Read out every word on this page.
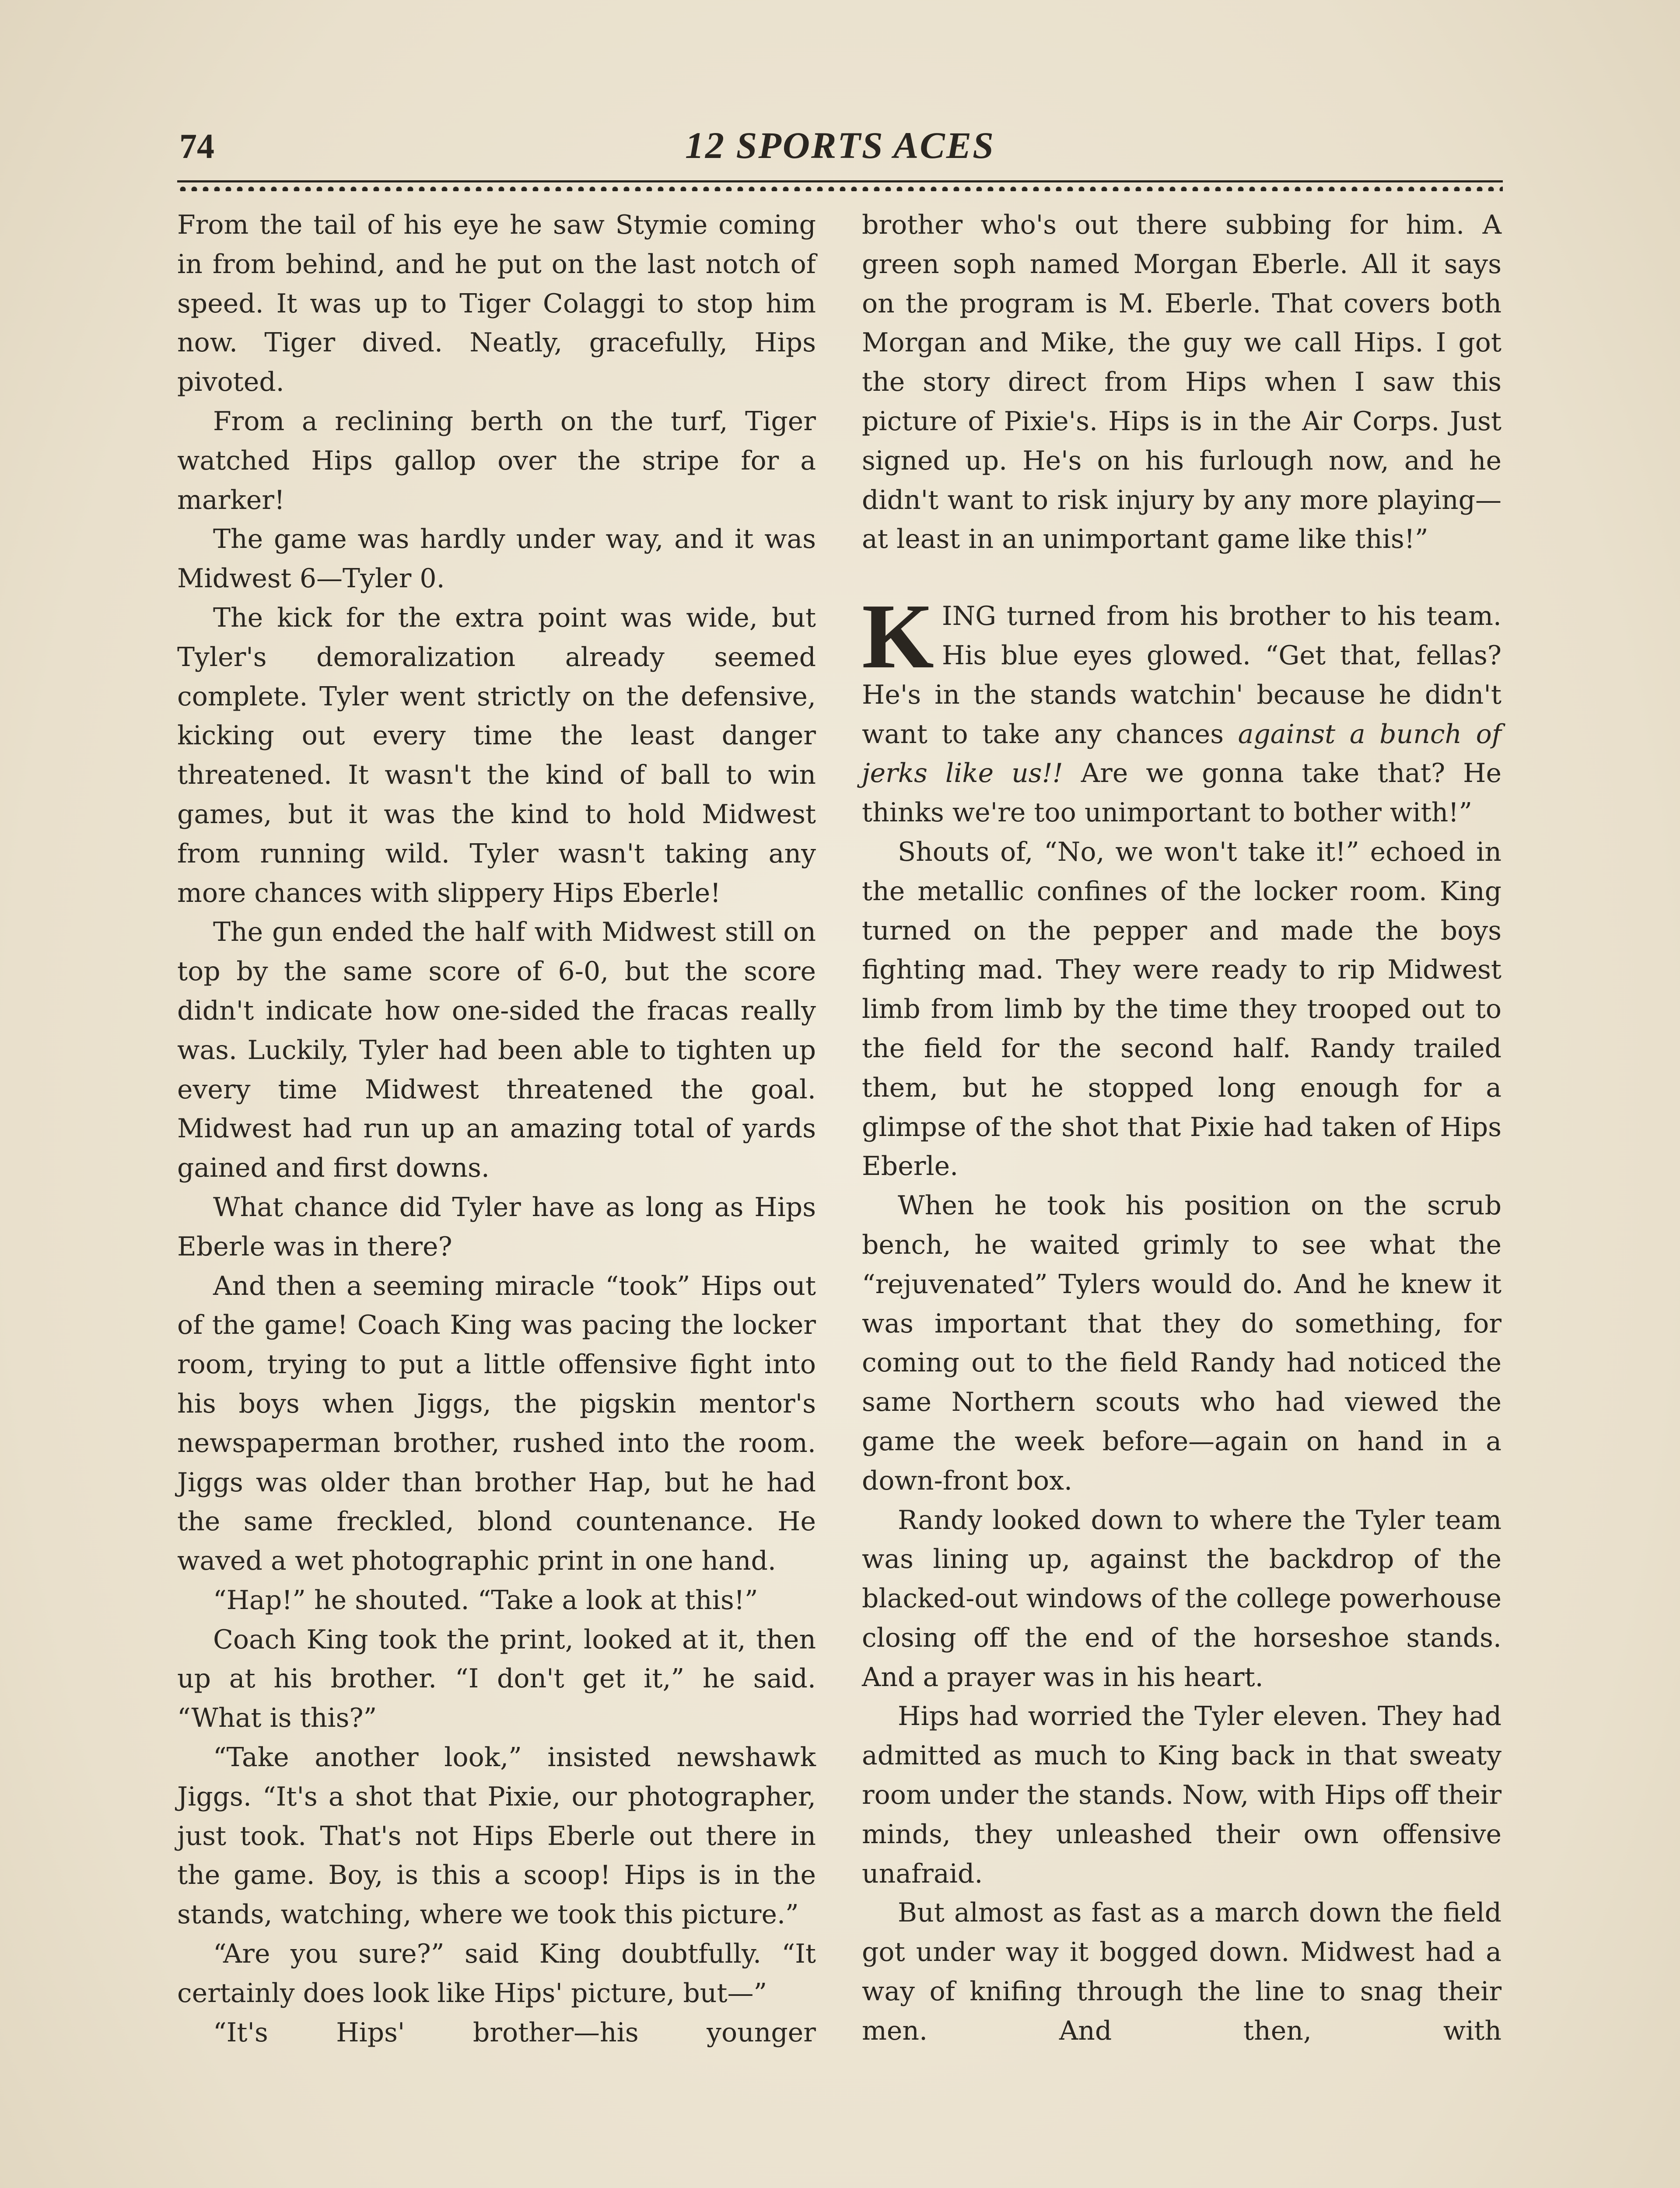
74	12 SPORTS ACES

From the tail of his eye he saw Stymie coming in from behind, and he put on the last notch of speed. It was up to Tiger Colaggi to stop him now. Tiger dived. Neatly, gracefully, Hips pivoted.

From a reclining berth on the turf, Tiger watched Hips gallop over the stripe for a marker!

The game was hardly under way, and it was Midwest 6—Tyler 0.

The kick for the extra point was wide, but Tyler's demoralization already seemed complete. Tyler went strictly on the defensive, kicking out every time the least danger threatened. It wasn't the kind of ball to win games, but it was the kind to hold Midwest from running wild. Tyler wasn't taking any more chances with slippery Hips Eberle!

The gun ended the half with Midwest still on top by the same score of 6-0, but the score didn't indicate how one-sided the fracas really was. Luckily, Tyler had been able to tighten up every time Midwest threatened the goal. Midwest had run up an amazing total of yards gained and first downs.

What chance did Tyler have as long as Hips Eberle was in there?

And then a seeming miracle “took” Hips out of the game! Coach King was pacing the locker room, trying to put a little offensive fight into his boys when Jiggs, the pigskin mentor's newspaperman brother, rushed into the room. Jiggs was older than brother Hap, but he had the same freckled, blond countenance. He waved a wet photographic print in one hand.

“Hap!” he shouted. “Take a look at this!”

Coach King took the print, looked at it, then up at his brother. “I don't get it,” he said. “What is this?”

“Take another look,” insisted newshawk Jiggs. “It's a shot that Pixie, our photographer, just took. That's not Hips Eberle out there in the game. Boy, is this a scoop! Hips is in the stands, watching, where we took this picture.”

“Are you sure?” said King doubtfully. “It certainly does look like Hips' picture, but—”

“It's Hips' brother—his younger

brother who's out there subbing for him. A green soph named Morgan Eberle. All it says on the program is M. Eberle. That covers both Morgan and Mike, the guy we call Hips. I got the story direct from Hips when I saw this picture of Pixie's. Hips is in the Air Corps. Just signed up. He's on his furlough now, and he didn't want to risk injury by any more playing—at least in an unimportant game like this!”

KING turned from his brother to his team. His blue eyes glowed. “Get that, fellas? He's in the stands watchin' because he didn't want to take any chances against a bunch of jerks like us!! Are we gonna take that? He thinks we're too unimportant to bother with!”

Shouts of, “No, we won't take it!” echoed in the metallic confines of the locker room. King turned on the pepper and made the boys fighting mad. They were ready to rip Midwest limb from limb by the time they trooped out to the field for the second half. Randy trailed them, but he stopped long enough for a glimpse of the shot that Pixie had taken of Hips Eberle.

When he took his position on the scrub bench, he waited grimly to see what the “rejuvenated” Tylers would do. And he knew it was important that they do something, for coming out to the field Randy had noticed the same Northern scouts who had viewed the game the week before—again on hand in a down-front box.

Randy looked down to where the Tyler team was lining up, against the backdrop of the blacked-out windows of the college powerhouse closing off the end of the horseshoe stands. And a prayer was in his heart.

Hips had worried the Tyler eleven. They had admitted as much to King back in that sweaty room under the stands. Now, with Hips off their minds, they unleashed their own offensive unafraid.

But almost as fast as a march down the field got under way it bogged down. Midwest had a way of knifing through the line to snag their men. And then, with
